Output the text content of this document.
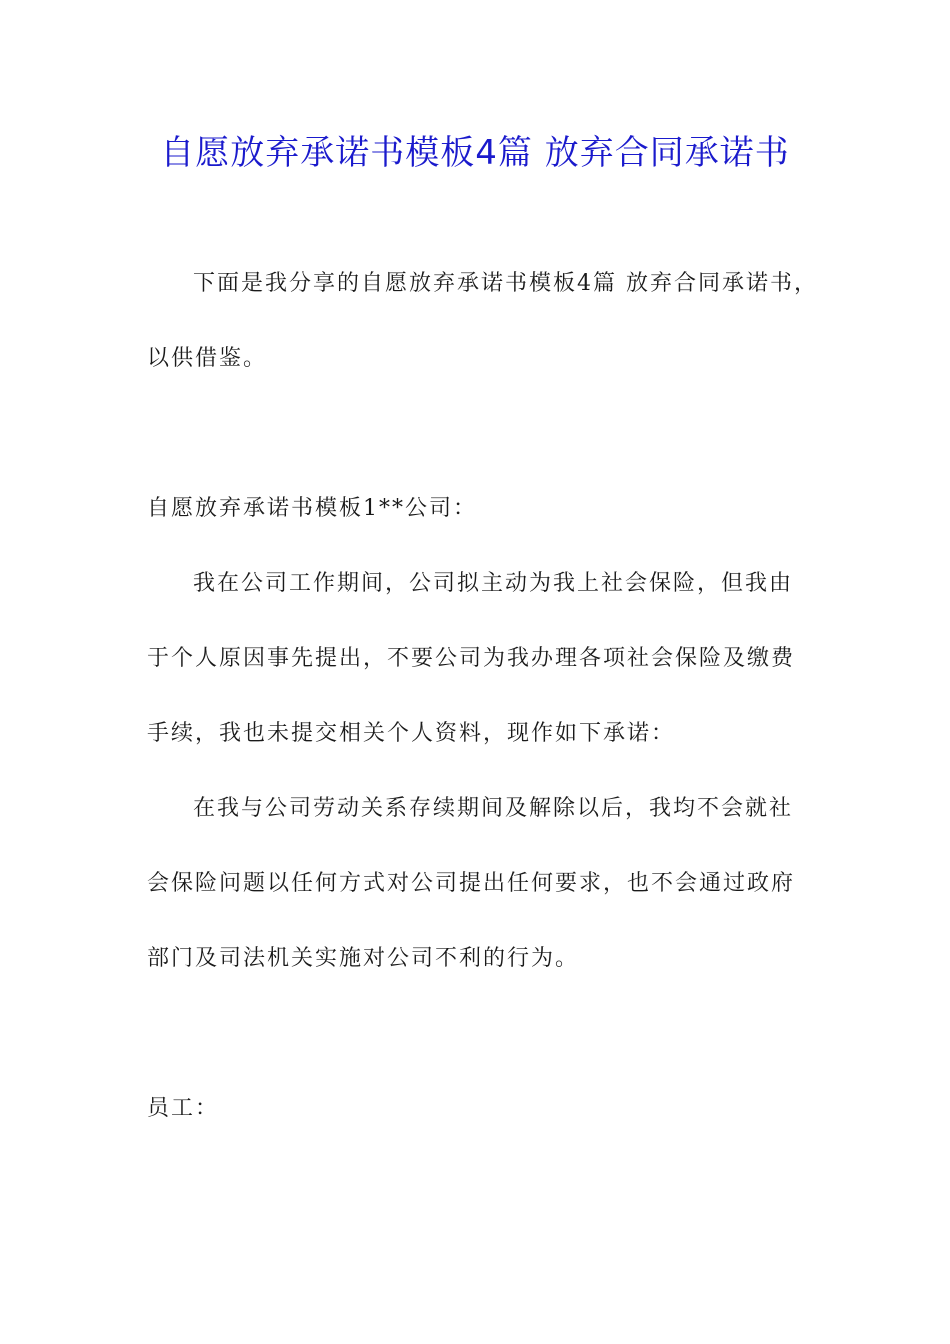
自愿放弃承诺书模板4篇 放弃合同承诺书
下面是我分享的自愿放弃承诺书模板4篇 放弃合同承诺书，
以供借鉴。
自愿放弃承诺书模板1**公司：
我在公司工作期间，公司拟主动为我上社会保险，但我由
于个人原因事先提出，不要公司为我办理各项社会保险及缴费
手续，我也未提交相关个人资料，现作如下承诺：
在我与公司劳动关系存续期间及解除以后，我均不会就社
会保险问题以任何方式对公司提出任何要求，也不会通过政府
部门及司法机关实施对公司不利的行为。
员工：
